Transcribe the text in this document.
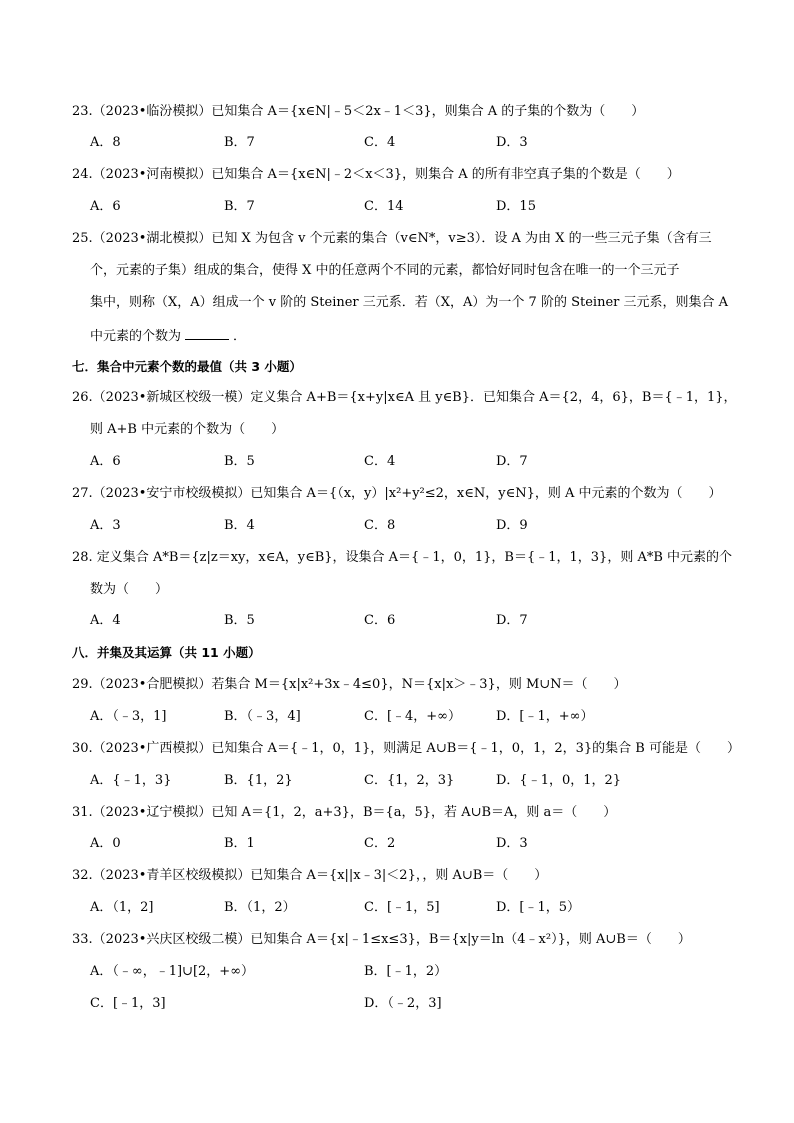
23.（2023•临汾模拟）已知集合 A＝{x∈N|﹣5＜2x﹣1＜3}，则集合 A 的子集的个数为（　　）
A．8	B．7	C．4	D．3
24.（2023•河南模拟）已知集合 A＝{x∈N|﹣2＜x＜3}，则集合 A 的所有非空真子集的个数是（　　）
A．6	B．7	C．14	D．15
25.（2023•湖北模拟）已知 X 为包含 v 个元素的集合（v∈N*，v≥3）．设 A 为由 X 的一些三元子集（含有三
个，元素的子集）组成的集合，使得 X 中的任意两个不同的元素，都恰好同时包含在唯一的一个三元子
集中，则称（X，A）组成一个 v 阶的 Steiner 三元系．若（X，A）为一个 7 阶的 Steiner 三元系，则集合 A
中元素的个数为	．
七．集合中元素个数的最值（共 3 小题）
26.（2023•新城区校级一模）定义集合 A+B＝{x+y|x∈A 且 y∈B}．已知集合 A＝{2，4，6}，B＝{﹣1，1}，
则 A+B 中元素的个数为（　　）
A．6	B．5	C．4	D．7
27.（2023•安宁市校级模拟）已知集合 A＝{（x，y）|x²+y²≤2，x∈N，y∈N}，则 A 中元素的个数为（　　）
A．3	B．4	C．8	D．9
28. 定义集合 A*B＝{z|z＝xy，x∈A，y∈B}，设集合 A＝{﹣1，0，1}，B＝{﹣1，1，3}，则 A*B 中元素的个
数为（　　）
A．4	B．5	C．6	D．7
八．并集及其运算（共 11 小题）
29.（2023•合肥模拟）若集合 M＝{x|x²+3x﹣4≤0}，N＝{x|x＞﹣3}，则 M∪N＝（　　）
A．（﹣3，1]	B．（﹣3，4]	C．[﹣4，+∞）	D．[﹣1，+∞）
30.（2023•广西模拟）已知集合 A＝{﹣1，0，1}，则满足 A∪B＝{﹣1，0，1，2，3}的集合 B 可能是（　　）
A．{﹣1，3}	B．{1，2}	C．{1，2，3}	D．{﹣1，0，1，2}
31.（2023•辽宁模拟）已知 A＝{1，2，a+3}，B＝{a，5}，若 A∪B＝A，则 a＝（　　）
A．0	B．1	C．2	D．3
32.（2023•青羊区校级模拟）已知集合 A＝{x||x﹣3|＜2}，，则 A∪B＝（　　）
A．（1，2]	B．（1，2）	C．[﹣1，5]	D．[﹣1，5）
33.（2023•兴庆区校级二模）已知集合 A＝{x|﹣1≤x≤3}，B＝{x|y＝ln（4﹣x²）}，则 A∪B＝（　　）
A．（﹣∞，﹣1]∪[2，+∞）	B．[﹣1，2）
C．[﹣1，3]	D．（﹣2，3]
